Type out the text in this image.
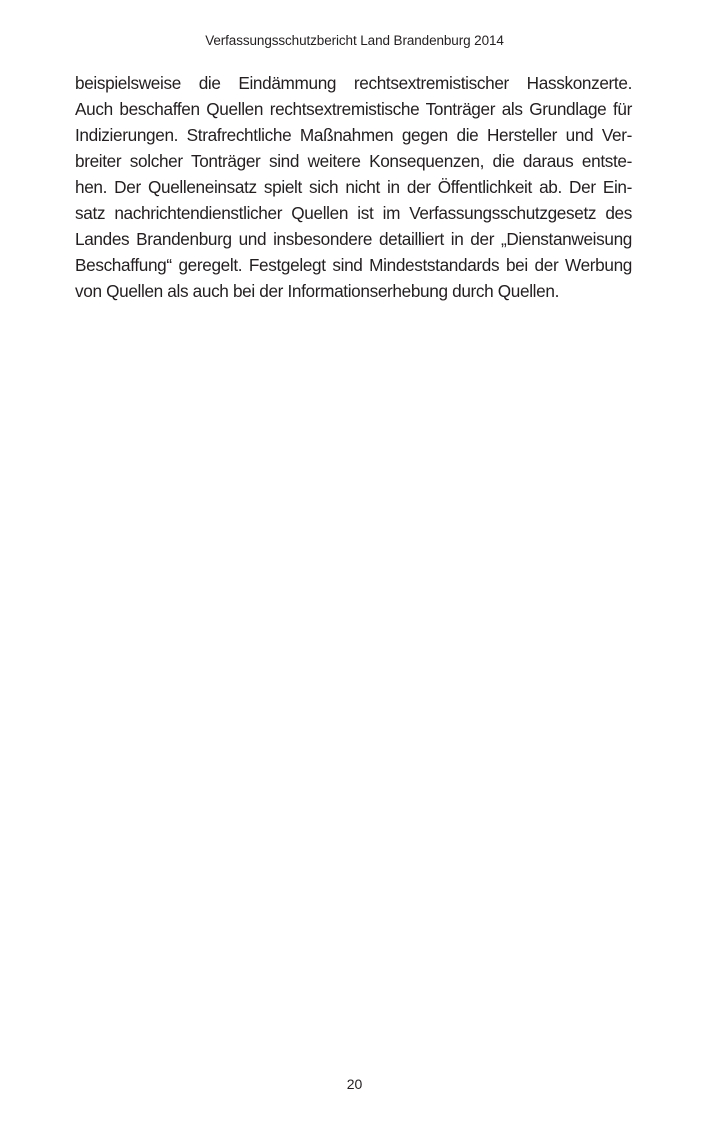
Verfassungsschutzbericht Land Brandenburg 2014

beispielsweise die Eindämmung rechtsextremistischer Hasskonzerte.
Auch beschaffen Quellen rechtsextremistische Tonträger als Grundlage für
Indizierungen. Strafrechtliche Maßnahmen gegen die Hersteller und Ver-
breiter solcher Tonträger sind weitere Konsequenzen, die daraus entste-
hen. Der Quelleneinsatz spielt sich nicht in der Öffentlichkeit ab. Der Ein-
satz nachrichtendienstlicher Quellen ist im Verfassungsschutzgesetz des
Landes Brandenburg und insbesondere detailliert in der „Dienstanweisung
Beschaffung“ geregelt. Festgelegt sind Mindeststandards bei der Werbung
von Quellen als auch bei der Informationserhebung durch Quellen.

20
